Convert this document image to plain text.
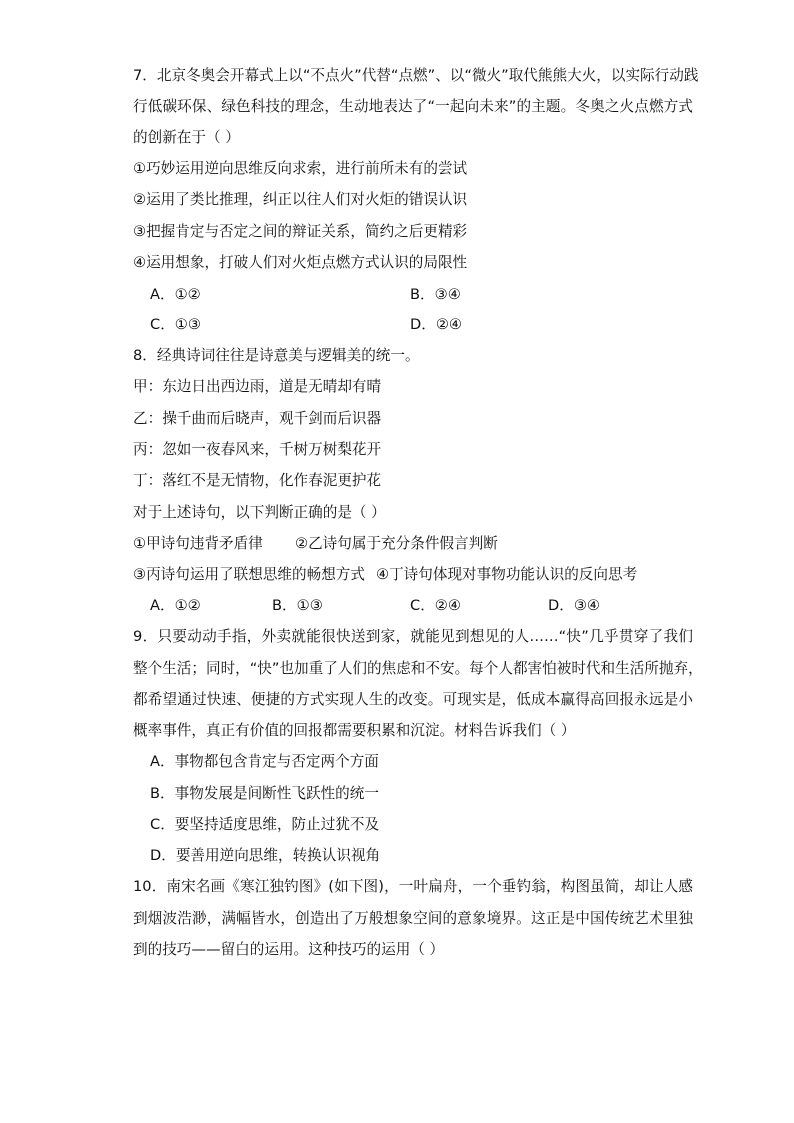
7．北京冬奥会开幕式上以“不点火”代替“点燃”、以“微火”取代熊熊大火，以实际行动践
行低碳环保、绿色科技的理念，生动地表达了“一起向未来”的主题。冬奥之火点燃方式
的创新在于（ ）
①巧妙运用逆向思维反向求索，进行前所未有的尝试
②运用了类比推理，纠正以往人们对火炬的错误认识
③把握肯定与否定之间的辩证关系，简约之后更精彩
④运用想象，打破人们对火炬点燃方式认识的局限性
A．①②	B．③④
C．①③	D．②④
8．经典诗词往往是诗意美与逻辑美的统一。
甲：东边日出西边雨，道是无晴却有晴
乙：操千曲而后晓声，观千剑而后识器
丙：忽如一夜春风来，千树万树梨花开
丁：落红不是无情物，化作春泥更护花
对于上述诗句，以下判断正确的是（ ）
①甲诗句违背矛盾律 ②乙诗句属于充分条件假言判断
③丙诗句运用了联想思维的畅想方式 ④丁诗句体现对事物功能认识的反向思考
A．①②	B．①③	C．②④	D．③④
9．只要动动手指，外卖就能很快送到家，就能见到想见的人……“快”几乎贯穿了我们
整个生活；同时，“快”也加重了人们的焦虑和不安。每个人都害怕被时代和生活所抛弃，
都希望通过快速、便捷的方式实现人生的改变。可现实是，低成本赢得高回报永远是小
概率事件，真正有价值的回报都需要积累和沉淀。材料告诉我们（ ）
A．事物都包含肯定与否定两个方面
B．事物发展是间断性飞跃性的统一
C．要坚持适度思维，防止过犹不及
D．要善用逆向思维，转换认识视角
10．南宋名画《寒江独钓图》(如下图)，一叶扁舟，一个垂钓翁，构图虽简，却让人感
到烟波浩渺，满幅皆水，创造出了万般想象空间的意象境界。这正是中国传统艺术里独
到的技巧——留白的运用。这种技巧的运用（ ）
